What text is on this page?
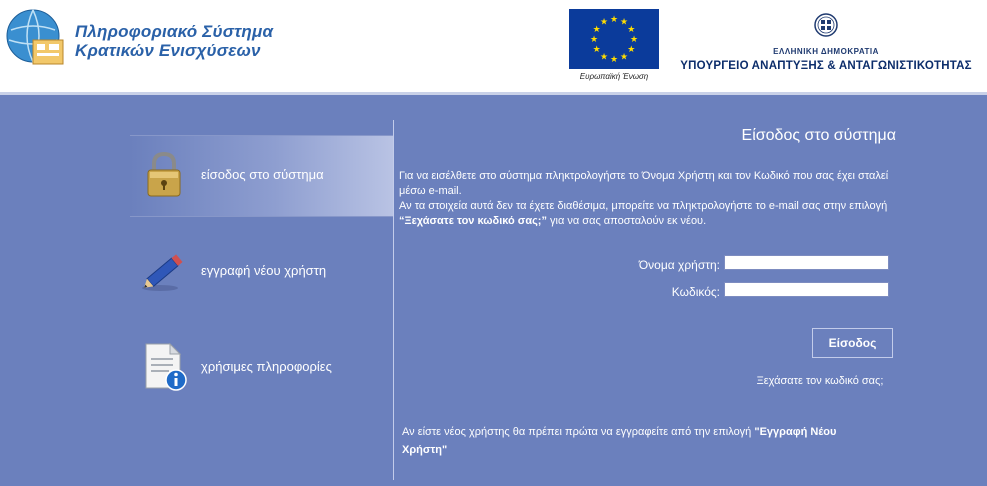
Πληροφοριακό Σύστημα
Κρατικών Ενισχύσεων
★
★
★
★
★
★
★
★
★ ★ ★
★
Ευρωπαϊκή Ένωση
ΕΛΛΗΝΙΚΗ ΔΗΜΟΚΡΑΤΙΑ
ΥΠΟΥΡΓΕΙΟ ΑΝΑΠΤΥΞΗΣ & ΑΝΤΑΓΩΝΙΣΤΙΚΟΤΗΤΑΣ
είσοδος στο σύστημα
εγγραφή νέου χρήστη
χρήσιμες πληροφορίες
Είσοδος στο σύστημα
Για να εισέλθετε στο σύστημα πληκτρολογήστε το Όνομα Χρήστη και τον Κωδικό που σας έχει σταλεί μέσω e-mail.
Αν τα στοιχεία αυτά δεν τα έχετε διαθέσιμα, μπορείτε να πληκτρολογήστε το e-mail σας στην επιλογή “Ξεχάσατε τον κωδικό σας;” για να σας αποσταλούν εκ νέου.
Όνομα χρήστη:
Κωδικός:
Είσοδος
Ξεχάσατε τον κωδικό σας;
Αν είστε νέος χρήστης θα πρέπει πρώτα να εγγραφείτε από την επιλογή "Εγγραφή Νέου Χρήστη"
